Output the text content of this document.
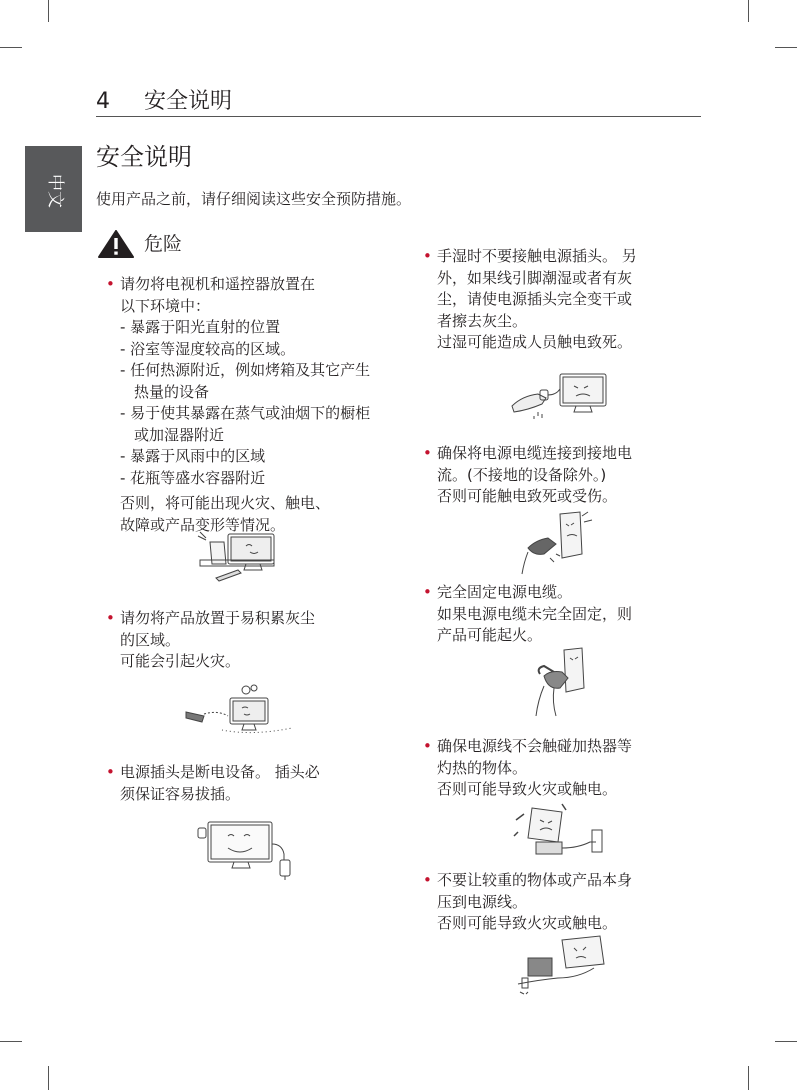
4 安全说明
中文
安全说明
使用产品之前，请仔细阅读这些安全预防措施。
危险
• 请勿将电视机和遥控器放置在
以下环境中：
- 暴露于阳光直射的位置
- 浴室等湿度较高的区域。
- 任何热源附近，例如烤箱及其它产生热量的设备
- 易于使其暴露在蒸气或油烟下的橱柜或加湿器附近
- 暴露于风雨中的区域
- 花瓶等盛水容器附近
否则，将可能出现火灾、触电、
故障或产品变形等情况。
• 请勿将产品放置于易积累灰尘
的区域。
可能会引起火灾。
• 电源插头是断电设备。 插头必
须保证容易拔插。
• 手湿时不要接触电源插头。 另
外，如果线引脚潮湿或者有灰
尘，请使电源插头完全变干或
者擦去灰尘。
过湿可能造成人员触电致死。
• 确保将电源电缆连接到接地电
流。(不接地的设备除外。)
否则可能触电致死或受伤。
• 完全固定电源电缆。
如果电源电缆未完全固定，则
产品可能起火。
• 确保电源线不会触碰加热器等
灼热的物体。
否则可能导致火灾或触电。
• 不要让较重的物体或产品本身
压到电源线。
否则可能导致火灾或触电。
